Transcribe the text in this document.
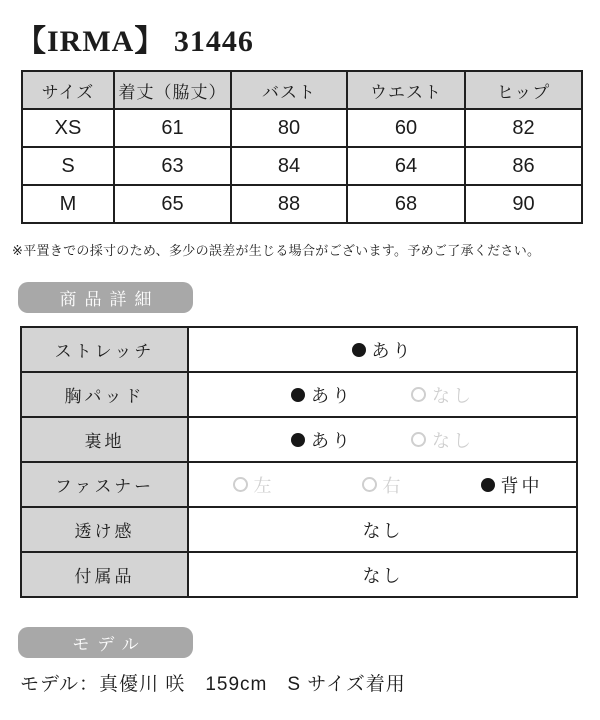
【IRMA】 31446
サイズ	着丈（脇丈）	バスト	ウエスト	ヒップ
XS	61	80	60	82
S	63	84	64	86
M	65	88	68	90
※平置きでの採寸のため、多少の誤差が生じる場合がございます。予めご了承ください。
商品詳細
ストレッチ	あり

胸パッド	あり なし

裏地	あり なし

ファスナー	左 右 背中

透け感	なし
付属品	なし
モデル
モデル：真優川 咲　159cm　S サイズ着用
